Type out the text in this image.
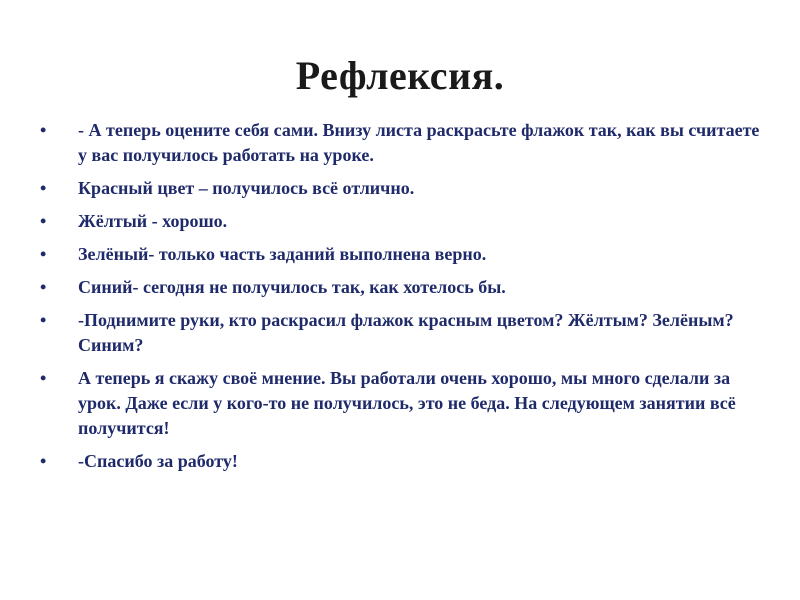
Рефлексия.
•	- А теперь оцените себя сами. Внизу листа раскрасьте флажок так, как вы считаете у вас получилось работать на уроке.
•	Красный цвет – получилось всё отлично.
•	Жёлтый - хорошо.
•	Зелёный- только часть заданий выполнена верно.
•	Синий- сегодня не получилось так, как хотелось бы.
•	-Поднимите руки, кто раскрасил флажок красным цветом? Жёлтым? Зелёным? Синим?
•	А теперь я скажу своё мнение. Вы работали очень хорошо, мы много сделали за урок. Даже если у кого-то не получилось, это не беда. На следующем занятии всё получится!
•	-Спасибо за работу!
